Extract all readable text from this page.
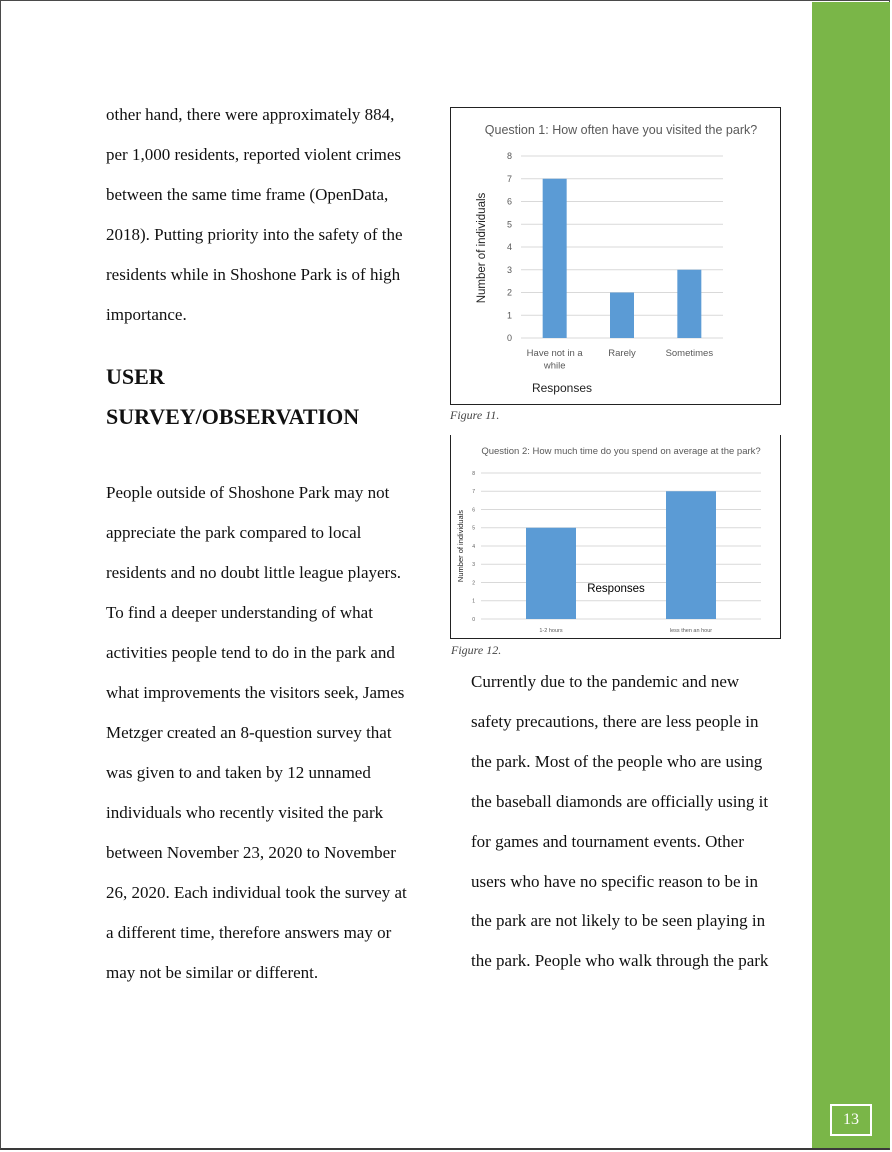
13
other hand, there were approximately 884,
per 1,000 residents, reported violent crimes
between the same time frame (OpenData,
2018). Putting priority into the safety of the
residents while in Shoshone Park is of high
importance.
USER
SURVEY/OBSERVATION
People outside of Shoshone Park may not
appreciate the park compared to local
residents and no doubt little league players.
To find a deeper understanding of what
activities people tend to do in the park and
what improvements the visitors seek, James
Metzger created an 8-question survey that
was given to and taken by 12 unnamed
individuals who recently visited the park
between November 23, 2020 to November
26, 2020. Each individual took the survey at
a different time, therefore answers may or
may not be similar or different.
Question 1: How often have you visited the park?
0
1
2
3
4
5
6
7
8
Have not in a
while
Rarely	Sometimes
Responses
Number of individuals
Figure 11.
Question 2: How much time do you spend on average at the park?
0
1
2
3
4
5
6
7
8
1-2 hours	less then an hour
Responses
Number of individuals
Figure 12.
Currently due to the pandemic and new
safety precautions, there are less people in
the park. Most of the people who are using
the baseball diamonds are officially using it
for games and tournament events. Other
users who have no specific reason to be in
the park are not likely to be seen playing in
the park. People who walk through the park
